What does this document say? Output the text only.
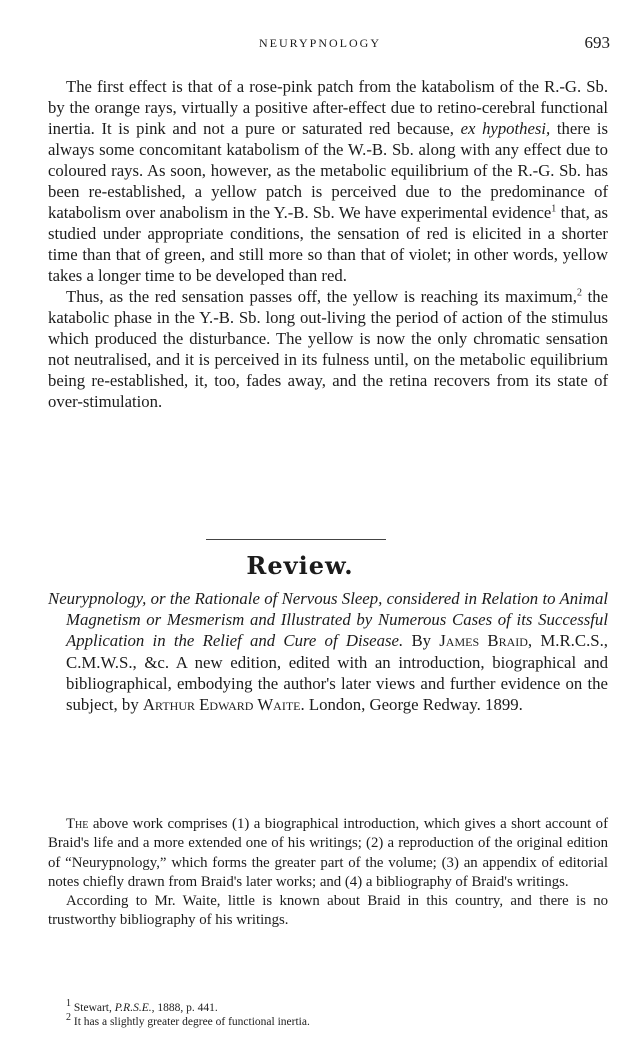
NEURYPNOLOGY	693

The first effect is that of a rose-pink patch from the katabolism of the R.-G. Sb. by the orange rays, virtually a positive after-effect due to retino-cerebral functional inertia. It is pink and not a pure or saturated red because, ex hypothesi, there is always some concomitant katabolism of the W.-B. Sb. along with any effect due to coloured rays. As soon, however, as the metabolic equilibrium of the R.-G. Sb. has been re-established, a yellow patch is perceived due to the predominance of katabolism over anabolism in the Y.-B. Sb. We have experimental evidence$^1$ that, as studied under appropriate conditions, the sensation of red is elicited in a shorter time than that of green, and still more so than that of violet; in other words, yellow takes a longer time to be developed than red.

Thus, as the red sensation passes off, the yellow is reaching its maximum,$^2$ the katabolic phase in the Y.-B. Sb. long out-living the period of action of the stimulus which produced the disturbance. The yellow is now the only chromatic sensation not neutralised, and it is perceived in its fulness until, on the metabolic equilibrium being re-established, it, too, fades away, and the retina recovers from its state of over-stimulation.

Review.

Neurypnology, or the Rationale of Nervous Sleep, considered in Relation to Animal Magnetism or Mesmerism and Illustrated by Numerous Cases of its Successful Application in the Relief and Cure of Disease. By James Braid, M.R.C.S., C.M.W.S., &c. A new edition, edited with an introduction, biographical and bibliographical, embodying the author's later views and further evidence on the subject, by Arthur Edward Waite. London, George Redway. 1899.

The above work comprises (1) a biographical introduction, which gives a short account of Braid's life and a more extended one of his writings; (2) a reproduction of the original edition of “Neurypnology,” which forms the greater part of the volume; (3) an appendix of editorial notes chiefly drawn from Braid's later works; and (4) a bibliography of Braid's writings.

According to Mr. Waite, little is known about Braid in this country, and there is no trustworthy bibliography of his writings.

$^1$ Stewart, P.R.S.E., 1888, p. 441.

$^2$ It has a slightly greater degree of functional inertia.
